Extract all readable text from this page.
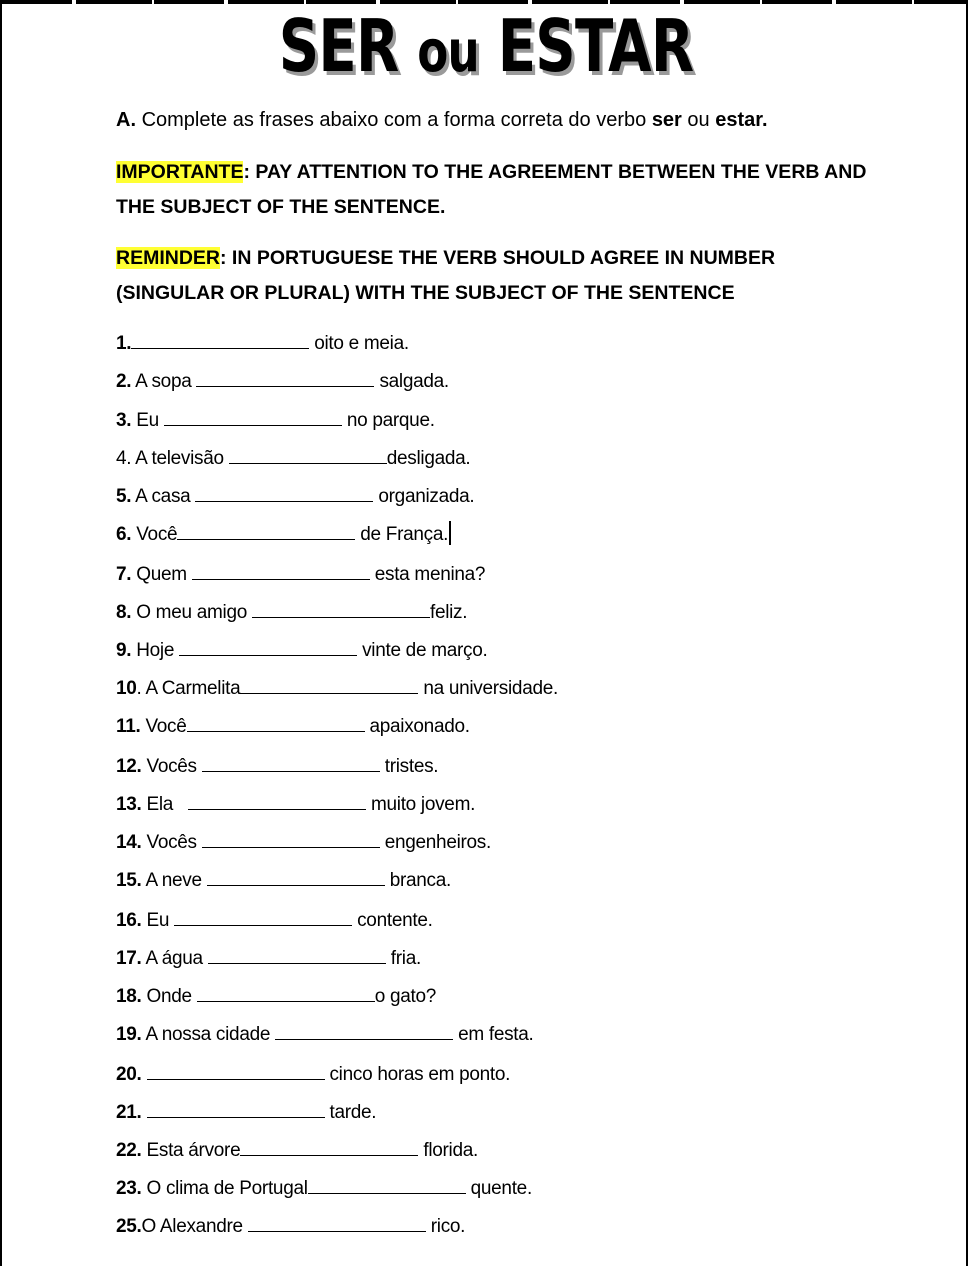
SER ou ESTAR
A. Complete as frases abaixo com a forma correta do verbo ser ou estar.
IMPORTANTE: PAY ATTENTION TO THE AGREEMENT BETWEEN THE VERB AND THE SUBJECT OF THE SENTENCE.
REMINDER: IN PORTUGUESE THE VERB SHOULD AGREE IN NUMBER (SINGULAR OR PLURAL) WITH THE SUBJECT OF THE SENTENCE
1.	oito e meia.
2. A sopa	salgada.
3. Eu	no parque.
4. A televisão	desligada.
5. A casa	organizada.
6. Você	de França.
7. Quem	esta menina?
8. O meu amigo	feliz.
9. Hoje	vinte de março.
10. A Carmelita	na universidade.
11. Você	apaixonado.
12. Vocês	tristes.
13. Ela	muito jovem.
14. Vocês	engenheiros.
15. A neve	branca.
16. Eu	contente.
17. A água	fria.
18. Onde	o gato?
19. A nossa cidade	em festa.
20.	cinco horas em ponto.
21.	tarde.
22. Esta árvore	florida.
23. O clima de Portugal	quente.
25.O Alexandre	rico.
